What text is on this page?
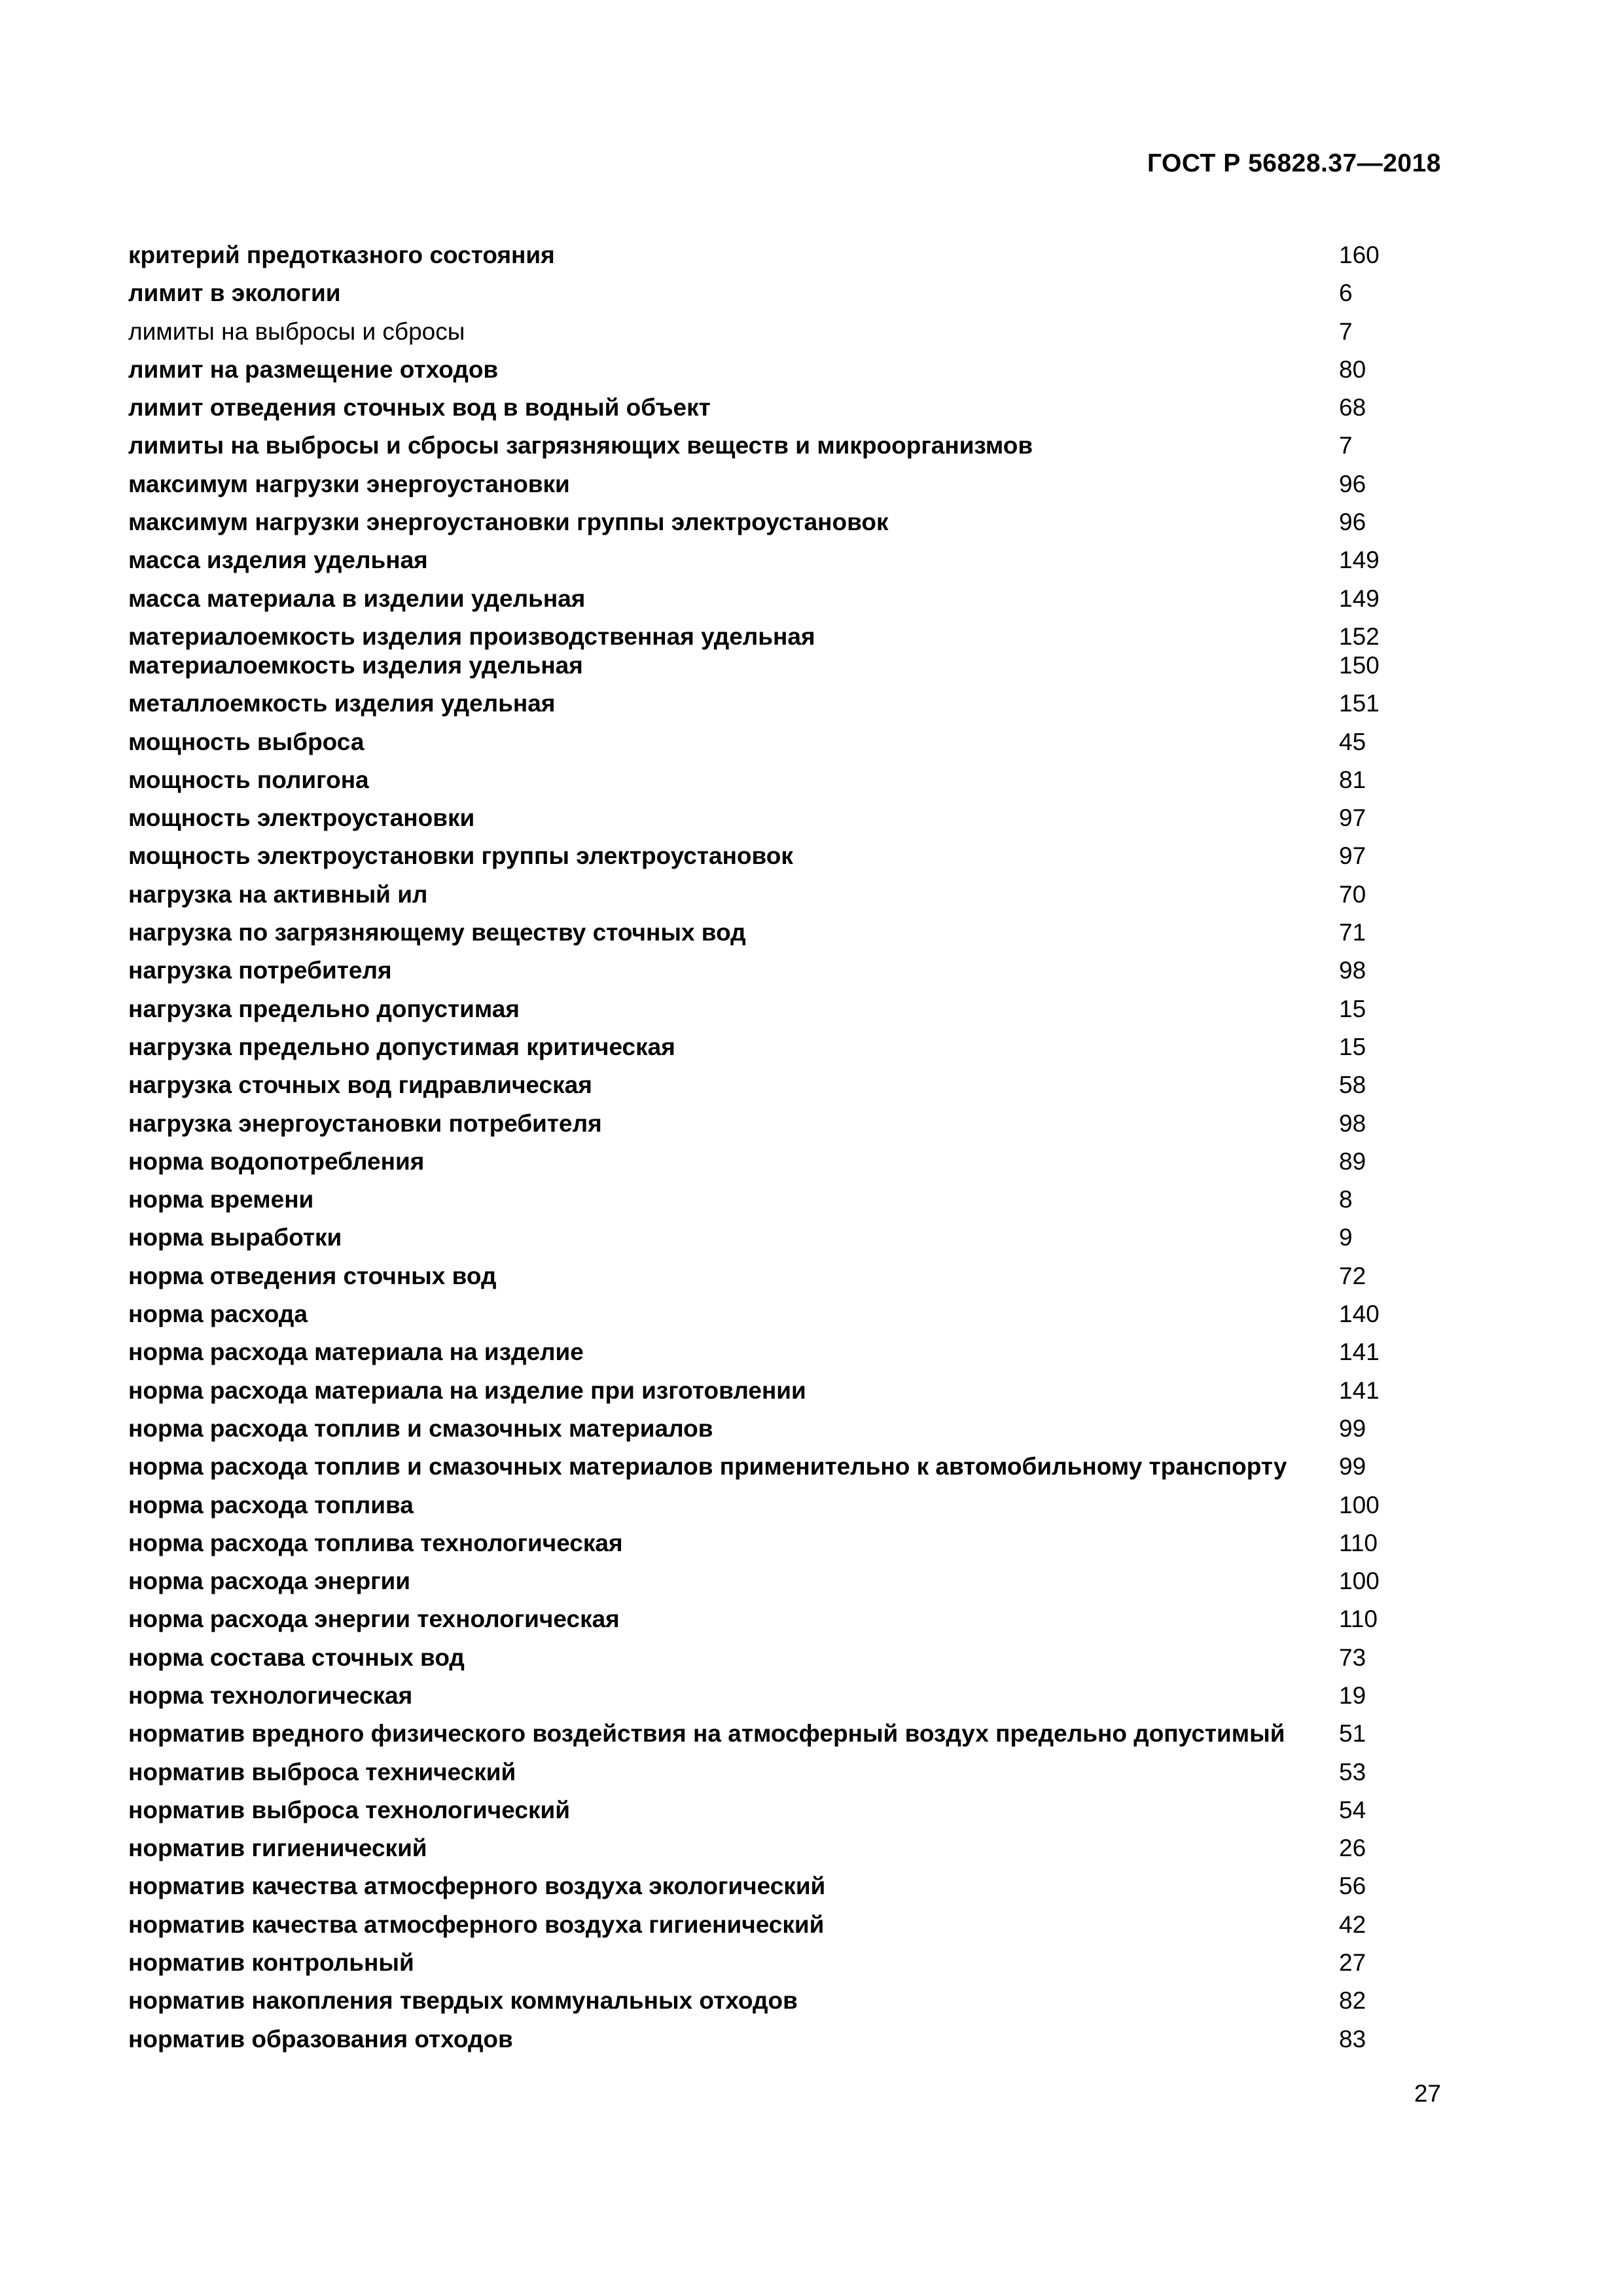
ГОСТ Р 56828.37—2018
критерий предотказного состояния	160
лимит в экологии	6
лимиты на выбросы и сбросы	7
лимит на размещение отходов	80
лимит отведения сточных вод в водный объект	68
лимиты на выбросы и сбросы загрязняющих веществ и микроорганизмов	7
максимум нагрузки энергоустановки	96
максимум нагрузки энергоустановки группы электроустановок	96
масса изделия удельная	149
масса материала в изделии удельная	149
материалоемкость изделия производственная удельная	152
материалоемкость изделия удельная	150
металлоемкость изделия удельная	151
мощность выброса	45
мощность полигона	81
мощность электроустановки	97
мощность электроустановки группы электроустановок	97
нагрузка на активный ил	70
нагрузка по загрязняющему веществу сточных вод	71
нагрузка потребителя	98
нагрузка предельно допустимая	15
нагрузка предельно допустимая критическая	15
нагрузка сточных вод гидравлическая	58
нагрузка энергоустановки потребителя	98
норма водопотребления	89
норма времени	8
норма выработки	9
норма отведения сточных вод	72
норма расхода	140
норма расхода материала на изделие	141
норма расхода материала на изделие при изготовлении	141
норма расхода топлив и смазочных материалов	99
норма расхода топлив и смазочных материалов применительно к автомобильному транспорту 99
норма расхода топлива	100
норма расхода топлива технологическая	110
норма расхода энергии	100
норма расхода энергии технологическая	110
норма состава сточных вод	73
норма технологическая	19
норматив вредного физического воздействия на атмосферный воздух предельно допустимый 51
норматив выброса технический	53
норматив выброса технологический	54
норматив гигиенический	26
норматив качества атмосферного воздуха экологический	56
норматив качества атмосферного воздуха гигиенический	42
норматив контрольный	27
норматив накопления твердых коммунальных отходов	82
норматив образования отходов	83
27
